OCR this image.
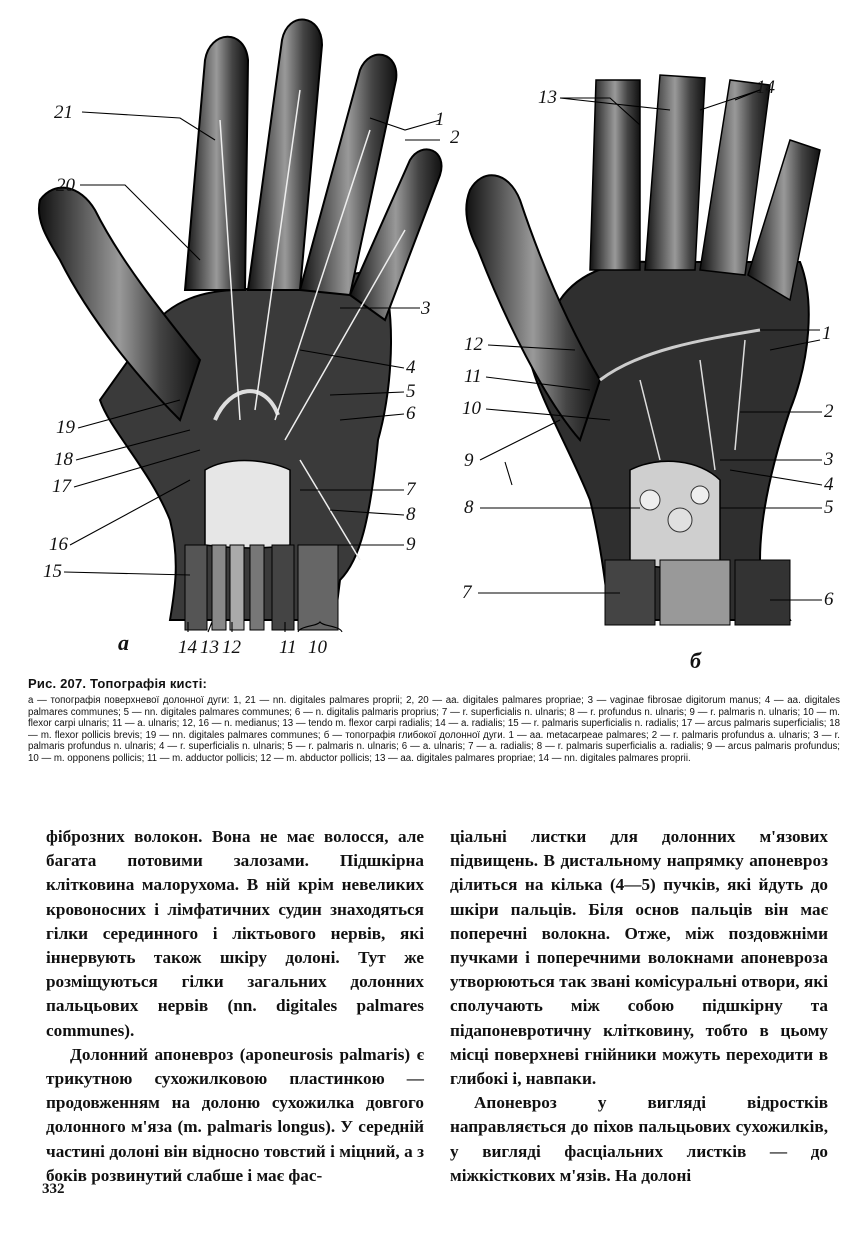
21
20
1
2
3
4
5
6
19
18
17
16
15
7
8
9
14 13 12 11 10
а
13	14
1
12
11
10
9
8
7
2
3
4
5
6
б

Рис. 207. Топографія кисті:

а — топографія поверхневої долонної дуги: 1, 21 — nn. digitales palmares proprii; 2, 20 — aa. digitales palmares propriae; 3 — vaginae fibrosae digitorum manus; 4 — aa. digitales palmares communes; 5 — nn. digitales palmares communes; 6 — n. digitalis palmaris proprius; 7 — r. superficialis n. ulnaris; 8 — r. profundus n. ulnaris; 9 — r. palmaris n. ulnaris; 10 — m. flexor carpi ulnaris; 11 — a. ulnaris; 12, 16 — n. medianus; 13 — tendo m. flexor carpi radialis; 14 — a. radialis; 15 — r. palmaris superficialis n. radialis; 17 — arcus palmaris superficialis; 18 — m. flexor pollicis brevis; 19 — nn. digitales palmares communes; б — топографія глибокої долонної дуги. 1 — aa. metacarpeae palmares; 2 — r. palmaris profundus a. ulnaris; 3 — r. palmaris profundus n. ulnaris; 4 — r. superficialis n. ulnaris; 5 — r. palmaris n. ulnaris; 6 — a. ulnaris; 7 — a. radialis; 8 — r. palmaris superficialis a. radialis; 9 — arcus palmaris profundus; 10 — m. opponens pollicis; 11 — m. adductor pollicis; 12 — m. abductor pollicis; 13 — aa. digitales palmares propriae; 14 — nn. digitales palmares proprii.

фіброзних волокон. Вона не має волосся, але багата потовими залозами. Підшкірна клітковина малорухома. В ній крім невеликих кровоносних і лімфатичних судин знаходяться гілки серединного і ліктьового нервів, які іннервують також шкіру долоні. Тут же розміщуються гілки загальних долонних пальцьових нервів (nn. digitales palmares communes).

Долонний апоневроз (aponeurosis palmaris) є трикутною сухожилковою пластинкою — продовженням на долоню сухожилка довгого долонного м'яза (m. palmaris longus). У середній частині долоні він відносно товстий і міцний, а з боків розвинутий слабше і має фас-

ціальні листки для долонних м'язових підвищень. В дистальному напрямку апоневроз ділиться на кілька (4—5) пучків, які йдуть до шкіри пальців. Біля основ пальців він має поперечні волокна. Отже, між поздовжніми пучками і поперечними волокнами апоневроза утворюються так звані комісуральні отвори, які сполучають між собою підшкірну та підапоневротичну клітковину, тобто в цьому місці поверхневі гнійники можуть переходити в глибокі і, навпаки.

Апоневроз у вигляді відростків направляється до піхов пальцьових сухожилків, у вигляді фасціальних листків — до міжкісткових м'язів. На долоні

332
